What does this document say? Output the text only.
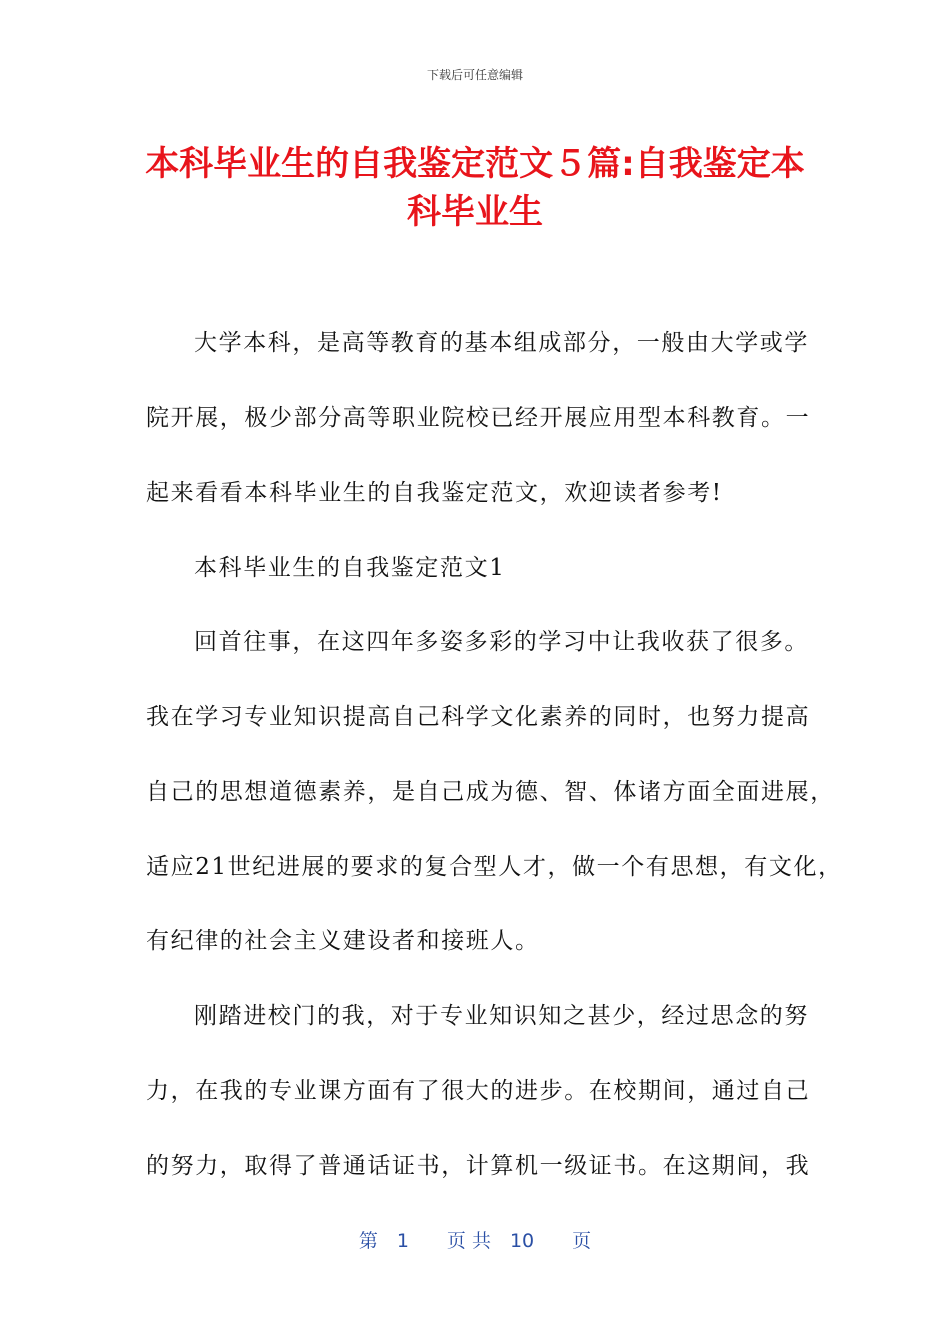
下载后可任意编辑
本科毕业生的自我鉴定范文５篇:自我鉴定本
科毕业生
大学本科，是高等教育的基本组成部分，一般由大学或学
院开展，极少部分高等职业院校已经开展应用型本科教育。一
起来看看本科毕业生的自我鉴定范文，欢迎读者参考!
本科毕业生的自我鉴定范文1
回首往事，在这四年多姿多彩的学习中让我收获了很多。
我在学习专业知识提高自己科学文化素养的同时，也努力提高
自己的思想道德素养，是自己成为德、智、体诸方面全面进展，
适应21世纪进展的要求的复合型人才，做一个有思想，有文化，
有纪律的社会主义建设者和接班人。
刚踏进校门的我，对于专业知识知之甚少，经过思念的努
力，在我的专业课方面有了很大的进步。在校期间，通过自己
的努力，取得了普通话证书，计算机一级证书。在这期间，我
第　1　　页 共　10　　页
